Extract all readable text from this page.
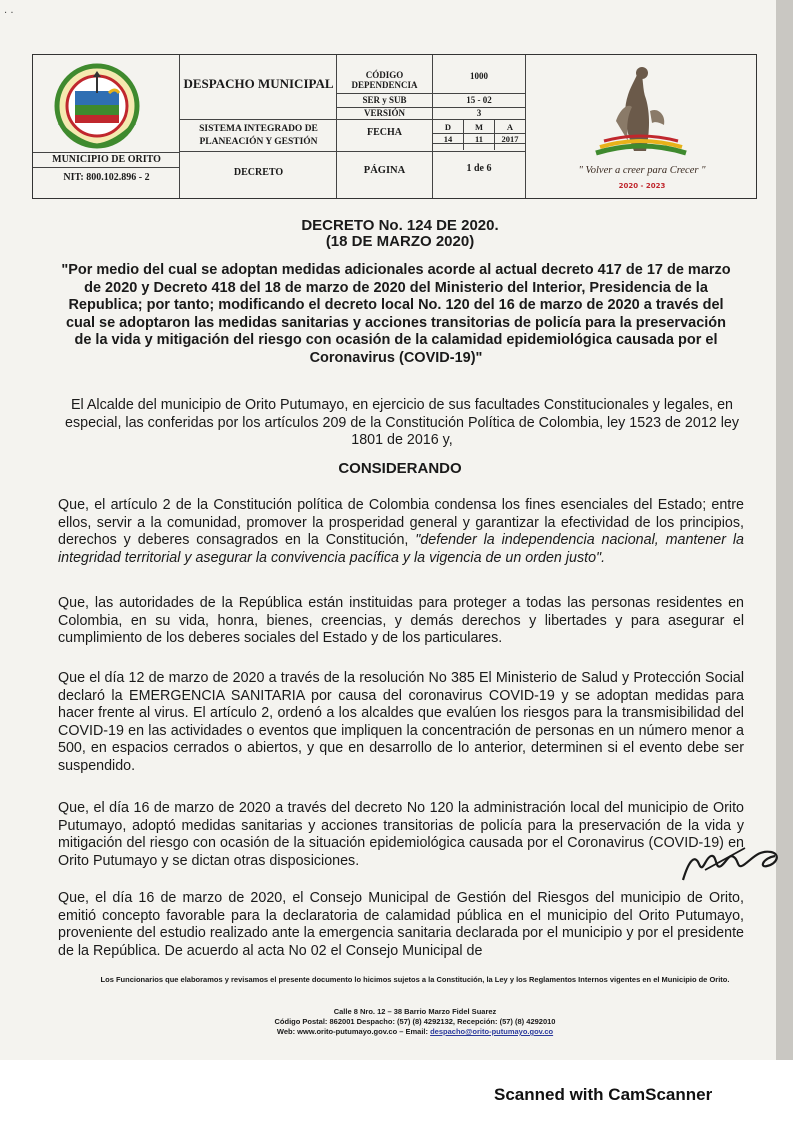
· ·
MUNICIPIO DE ORITO
NIT: 800.102.896 - 2
DESPACHO MUNICIPAL
SISTEMA INTEGRADO DE PLANEACIÓN Y GESTIÓN
DECRETO
CÓDIGO DEPENDENCIA
1000
SER y SUB	15 - 02
VERSIÓN	3
FECHA	D	M	A
14	11	2017
PÁGINA	1 de 6	" Volver a creer para Crecer "
2020 - 2023
DECRETO No. 124 DE 2020.
(18 DE MARZO 2020)

"Por medio del cual se adoptan medidas adicionales acorde al actual decreto 417 de 17 de marzo de 2020 y Decreto 418 del 18 de marzo de 2020 del Ministerio del Interior, Presidencia de la Republica; por tanto; modificando el decreto local No. 120 del 16 de marzo de 2020 a través del cual se adoptaron las medidas sanitarias y acciones transitorias de policía para la preservación de la vida y mitigación del riesgo con ocasión de la calamidad epidemiológica causada por el Coronavirus (COVID-19)"

El Alcalde del municipio de Orito Putumayo, en ejercicio de sus facultades Constitucionales y legales, en especial, las conferidas por los artículos 209 de la Constitución Política de Colombia, ley 1523 de 2012 ley 1801 de 2016 y,

CONSIDERANDO

Que, el artículo 2 de la Constitución política de Colombia condensa los fines esenciales del Estado; entre ellos, servir a la comunidad, promover la prosperidad general y garantizar la efectividad de los principios, derechos y deberes consagrados en la Constitución, "defender la independencia nacional, mantener la integridad territorial y asegurar la convivencia pacífica y la vigencia de un orden justo".

Que, las autoridades de la República están instituidas para proteger a todas las personas residentes en Colombia, en su vida, honra, bienes, creencias, y demás derechos y libertades y para asegurar el cumplimiento de los deberes sociales del Estado y de los particulares.

Que el día 12 de marzo de 2020 a través de la resolución No 385 El Ministerio de Salud y Protección Social declaró la EMERGENCIA SANITARIA por causa del coronavirus COVID-19 y se adoptan medidas para hacer frente al virus. El artículo 2, ordenó a los alcaldes que evalúen los riesgos para la transmisibilidad del COVID-19 en las actividades o eventos que impliquen la concentración de personas en un número menor a 500, en espacios cerrados o abiertos, y que en desarrollo de lo anterior, determinen si el evento debe ser suspendido.

Que, el día 16 de marzo de 2020 a través del decreto No 120 la administración local del municipio de Orito Putumayo, adoptó medidas sanitarias y acciones transitorias de policía para la preservación de la vida y mitigación del riesgo con ocasión de la situación epidemiológica causada por el Coronavirus (COVID-19) en Orito Putumayo y se dictan otras disposiciones.

Que, el día 16 de marzo de 2020, el Consejo Municipal de Gestión del Riesgos del municipio de Orito, emitió concepto favorable para la declaratoria de calamidad pública en el municipio del Orito Putumayo, proveniente del estudio realizado ante la emergencia sanitaria declarada por el municipio y por el presidente de la República. De acuerdo al acta No 02 el Consejo Municipal de

Los Funcionarios que elaboramos y revisamos el presente documento lo hicimos sujetos a la Constitución, la Ley y los Reglamentos Internos vigentes en el Municipio de Orito.
Calle 8 Nro. 12 – 38 Barrio Marzo Fidel Suarez
Código Postal: 862001 Despacho: (57) (8) 4292132, Recepción: (57) (8) 4292010
Web: www.orito-putumayo.gov.co – Email: despacho@orito-putumayo.gov.co
Scanned with CamScanner
